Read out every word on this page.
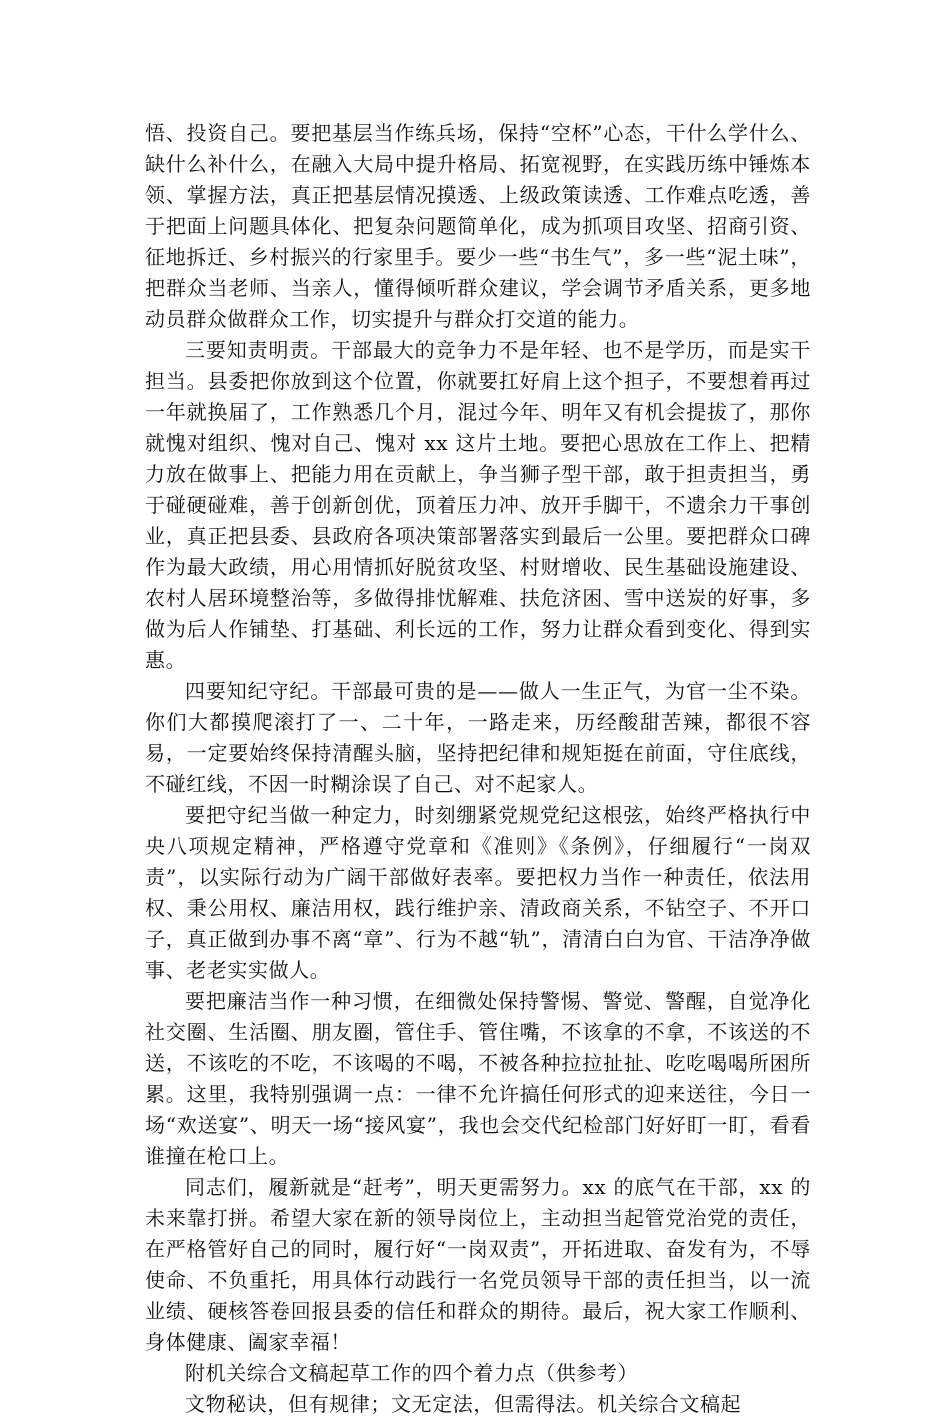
悟、投资自己。要把基层当作练兵场，保持“空杯”心态，干什么学什么、缺什么补什么，在融入大局中提升格局、拓宽视野，在实践历练中锤炼本领、掌握方法，真正把基层情况摸透、上级政策读透、工作难点吃透，善于把面上问题具体化、把复杂问题简单化，成为抓项目攻坚、招商引资、征地拆迁、乡村振兴的行家里手。要少一些“书生气”，多一些“泥土味”，把群众当老师、当亲人，懂得倾听群众建议，学会调节矛盾关系，更多地动员群众做群众工作，切实提升与群众打交道的能力。

三要知责明责。干部最大的竞争力不是年轻、也不是学历，而是实干担当。县委把你放到这个位置，你就要扛好肩上这个担子，不要想着再过一年就换届了，工作熟悉几个月，混过今年、明年又有机会提拔了，那你就愧对组织、愧对自己、愧对 xx 这片土地。要把心思放在工作上、把精力放在做事上、把能力用在贡献上，争当狮子型干部，敢于担责担当，勇于碰硬碰难，善于创新创优，顶着压力冲、放开手脚干，不遗余力干事创业，真正把县委、县政府各项决策部署落实到最后一公里。要把群众口碑作为最大政绩，用心用情抓好脱贫攻坚、村财增收、民生基础设施建设、农村人居环境整治等，多做得排忧解难、扶危济困、雪中送炭的好事，多做为后人作铺垫、打基础、利长远的工作，努力让群众看到变化、得到实惠。

四要知纪守纪。干部最可贵的是——做人一生正气，为官一尘不染。你们大都摸爬滚打了一、二十年，一路走来，历经酸甜苦辣，都很不容易，一定要始终保持清醒头脑，坚持把纪律和规矩挺在前面，守住底线，不碰红线，不因一时糊涂误了自己、对不起家人。

要把守纪当做一种定力，时刻绷紧党规党纪这根弦，始终严格执行中央八项规定精神，严格遵守党章和《准则》《条例》，仔细履行“一岗双责”，以实际行动为广阔干部做好表率。要把权力当作一种责任，依法用权、秉公用权、廉洁用权，践行维护亲、清政商关系，不钻空子、不开口子，真正做到办事不离“章”、行为不越“轨”，清清白白为官、干洁净净做事、老老实实做人。

要把廉洁当作一种习惯，在细微处保持警惕、警觉、警醒，自觉净化社交圈、生活圈、朋友圈，管住手、管住嘴，不该拿的不拿，不该送的不送，不该吃的不吃，不该喝的不喝，不被各种拉拉扯扯、吃吃喝喝所困所累。这里，我特别强调一点：一律不允许搞任何形式的迎来送往，今日一场“欢送宴”、明天一场“接风宴”，我也会交代纪检部门好好盯一盯，看看谁撞在枪口上。

同志们，履新就是“赶考”，明天更需努力。xx 的底气在干部，xx 的未来靠打拼。希望大家在新的领导岗位上，主动担当起管党治党的责任，在严格管好自己的同时，履行好“一岗双责”，开拓进取、奋发有为，不辱使命、不负重托，用具体行动践行一名党员领导干部的责任担当，以一流业绩、硬核答卷回报县委的信任和群众的期待。最后，祝大家工作顺利、身体健康、阖家幸福！

附机关综合文稿起草工作的四个着力点（供参考）

文物秘诀，但有规律；文无定法，但需得法。机关综合文稿起
